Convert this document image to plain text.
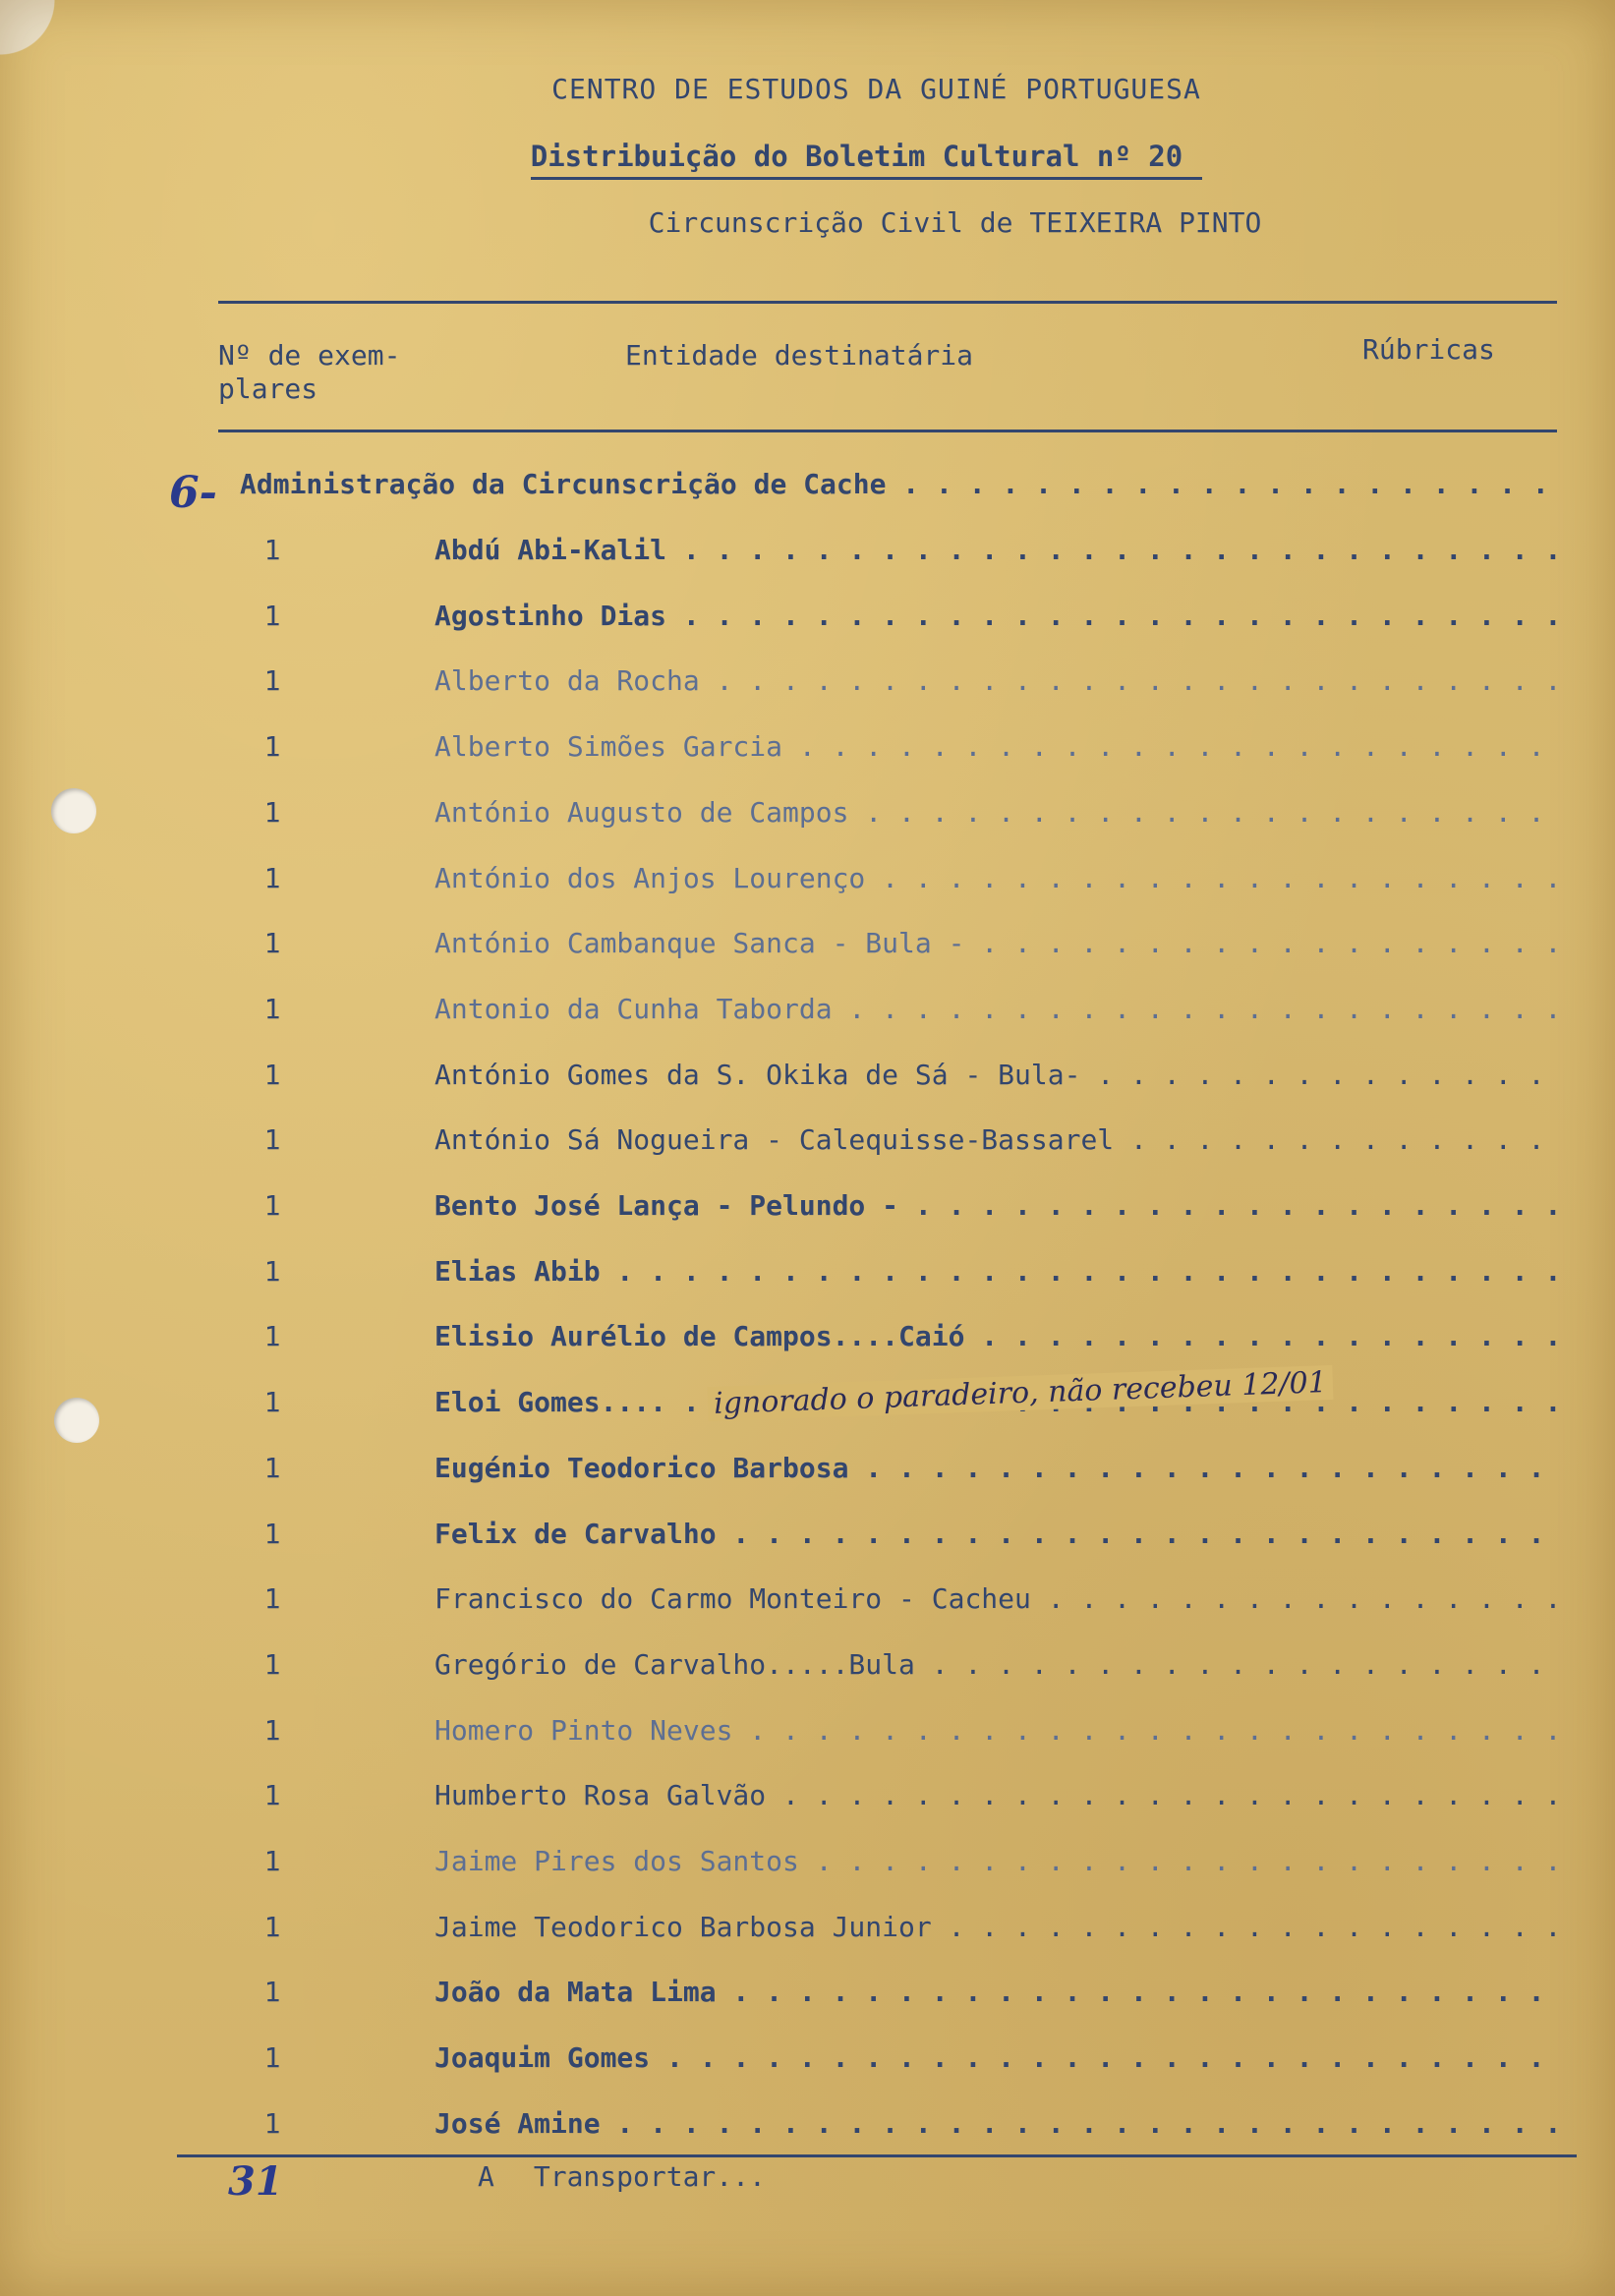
CENTRO DE ESTUDOS DA GUINÉ PORTUGUESA
Distribuição do Boletim Cultural nº 20
Circunscrição Civil de TEIXEIRA PINTO
Nº de exem-
plares
Entidade destinatária	Rúbricas
6- Administração da Circunscrição de Cache . . .
1	Abdú Abi-Kalil . . .
1	Agostinho Dias . . .
1	Alberto da Rocha . . .
1	Alberto Simões Garcia . . .
1	António Augusto de Campos . . .
1	António dos Anjos Lourenço . . .
1	António Cambanque Sanca - Bula - . . .
1	Antonio da Cunha Taborda . . .
1	António Gomes da S. Okika de Sá - Bula- . . .
1	António Sá Nogueira - Calequisse-Bassarel . . .
1	Bento José Lança - Pelundo - . . .
1	Elias Abib . . .
1	Elisio Aurélio de Campos....Caió . . .
1	Eloi Gomes.... . . .
1	Eugénio Teodorico Barbosa . . .
1	Felix de Carvalho . . .
1	Francisco do Carmo Monteiro - Cacheu . . .
1	Gregório de Carvalho.....Bula . . .
1	Homero Pinto Neves . . .
1	Humberto Rosa Galvão . . .
1	Jaime Pires dos Santos . . .
1	Jaime Teodorico Barbosa Junior . . .
1	João da Mata Lima . . .
1	Joaquim Gomes . . .
1	José Amine . . .
ignorado o paradeiro, não recebeu 12/01
31	A Transportar...
